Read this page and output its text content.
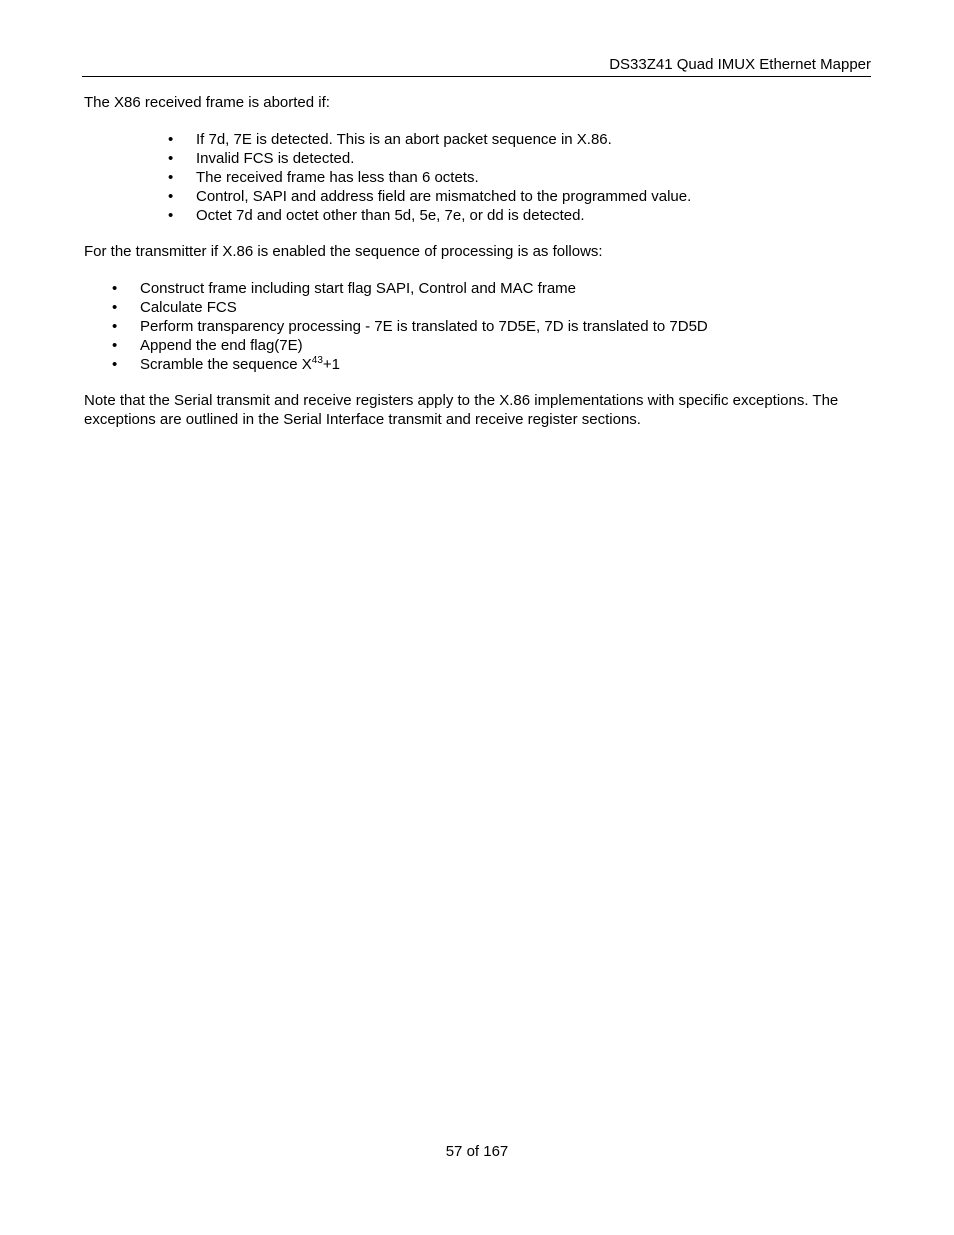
DS33Z41 Quad IMUX Ethernet Mapper

The X86 received frame is aborted if:

• If 7d, 7E is detected. This is an abort packet sequence in X.86.
• Invalid FCS is detected.
• The received frame has less than 6 octets.
• Control, SAPI and address field are mismatched to the programmed value.
• Octet 7d and octet other than 5d, 5e, 7e, or dd is detected.

For the transmitter if X.86 is enabled the sequence of processing is as follows:

• Construct frame including start flag SAPI, Control and MAC frame
• Calculate FCS
• Perform transparency processing - 7E is translated to 7D5E, 7D is translated to 7D5D
• Append the end flag(7E)
• Scramble the sequence $X^{43}+1$

Note that the Serial transmit and receive registers apply to the X.86 implementations with specific exceptions. The exceptions are outlined in the Serial Interface transmit and receive register sections.

57 of 167
